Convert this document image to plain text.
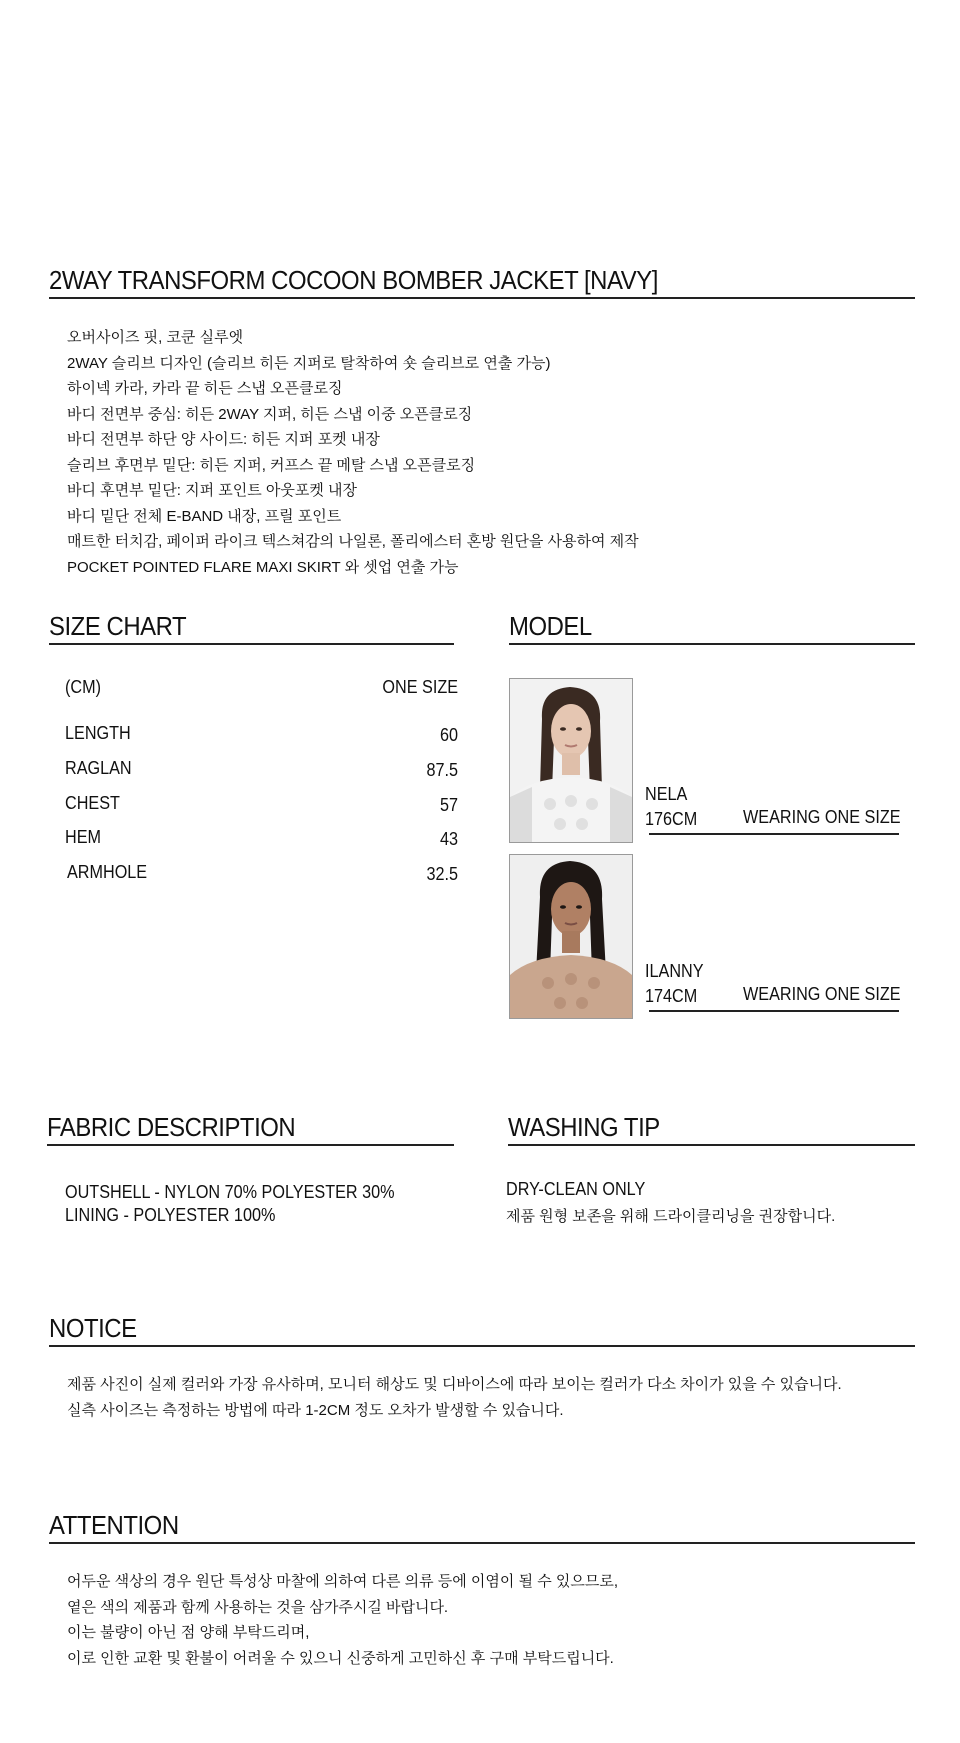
2WAY TRANSFORM COCOON BOMBER JACKET [NAVY]
오버사이즈 핏, 코쿤 실루엣
2WAY 슬리브 디자인 (슬리브 히든 지퍼로 탈착하여 숏 슬리브로 연출 가능)
하이넥 카라, 카라 끝 히든 스냅 오픈클로징
바디 전면부 중심: 히든 2WAY 지퍼, 히든 스냅 이중 오픈클로징
바디 전면부 하단 양 사이드: 히든 지퍼 포켓 내장
슬리브 후면부 밑단: 히든 지퍼, 커프스 끝 메탈 스냅 오픈클로징
바디 후면부 밑단: 지퍼 포인트 아웃포켓 내장
바디 밑단 전체 E-BAND 내장, 프릴 포인트
매트한 터치감, 페이퍼 라이크 텍스쳐감의 나일론, 폴리에스터 혼방 원단을 사용하여 제작
POCKET POINTED FLARE MAXI SKIRT 와 셋업 연출 가능
SIZE CHART
(CM)	ONE SIZE
LENGTH	60
RAGLAN	87.5
CHEST	57
HEM	43
ARMHOLE	32.5
MODEL
NELA
176CM	WEARING ONE SIZE
ILANNY
174CM	WEARING ONE SIZE
FABRIC DESCRIPTION
OUTSHELL - NYLON 70% POLYESTER 30%
LINING - POLYESTER 100%
WASHING TIP
DRY-CLEAN ONLY
제품 원형 보존을 위해 드라이클리닝을 권장합니다.
NOTICE
제품 사진이 실제 컬러와 가장 유사하며, 모니터 해상도 및 디바이스에 따라 보이는 컬러가 다소 차이가 있을 수 있습니다.
실측 사이즈는 측정하는 방법에 따라 1-2CM 정도 오차가 발생할 수 있습니다.
ATTENTION
어두운 색상의 경우 원단 특성상 마찰에 의하여 다른 의류 등에 이염이 될 수 있으므로,
옅은 색의 제품과 함께 사용하는 것을 삼가주시길 바랍니다.
이는 불량이 아닌 점 양해 부탁드리며,
이로 인한 교환 및 환불이 어려울 수 있으니 신중하게 고민하신 후 구매 부탁드립니다.
